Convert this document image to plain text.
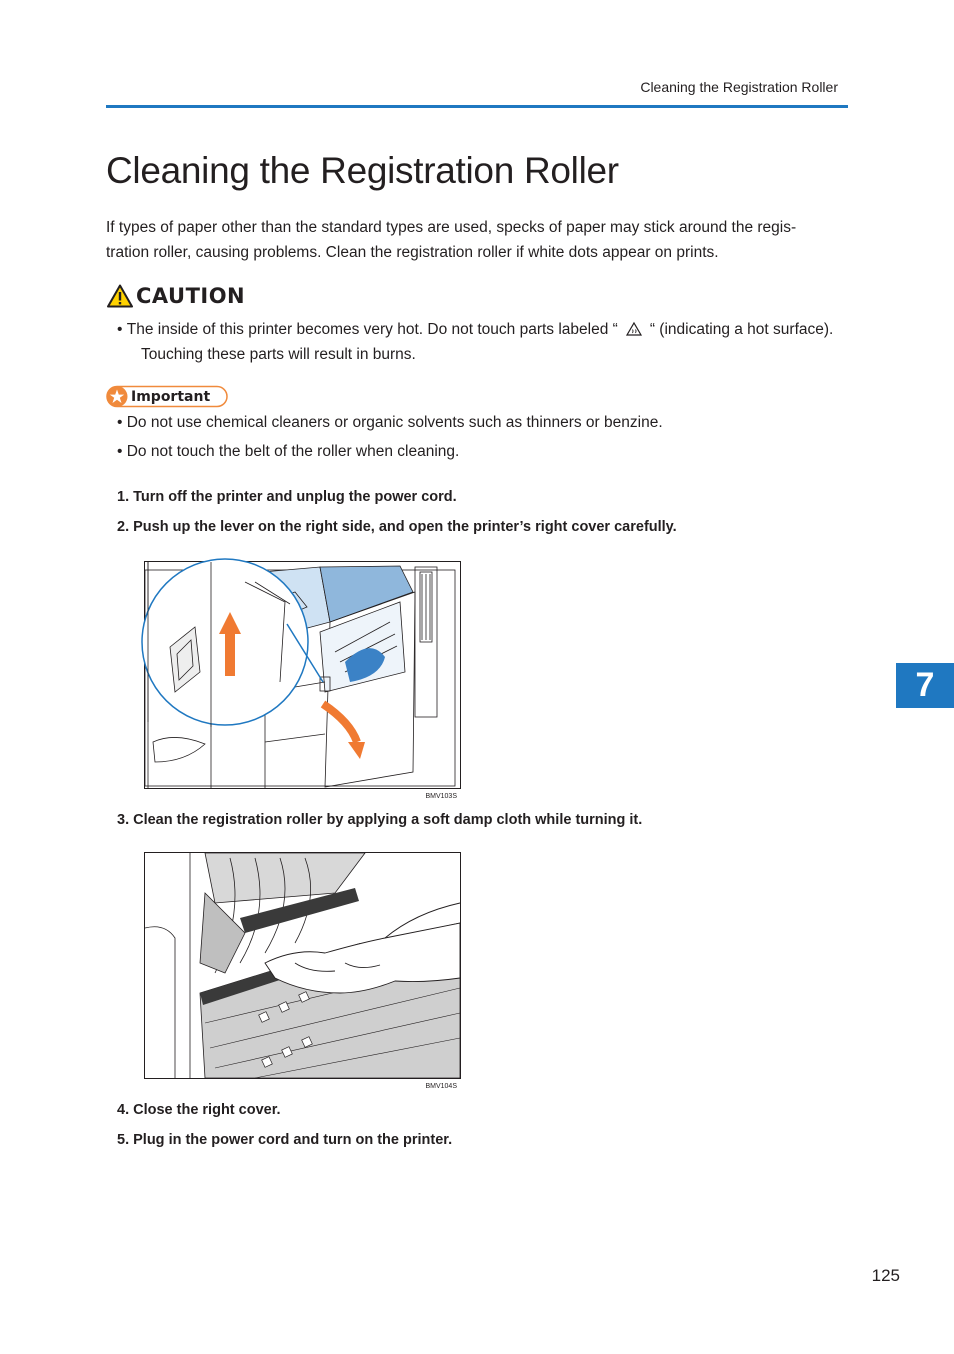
Cleaning the Registration Roller
Cleaning the Registration Roller

If types of paper other than the standard types are used, specks of paper may stick around the regis-
tration roller, causing problems. Clean the registration roller if white dots appear on prints.

CAUTION

• The inside of this printer becomes very hot. Do not touch parts labeled “ “ (indicating a hot surface).
Touching these parts will result in burns.

Important
• Do not use chemical cleaners or organic solvents such as thinners or benzine.
• Do not touch the belt of the roller when cleaning.
1. Turn off the printer and unplug the power cord.
2. Push up the lever on the right side, and open the printer’s right cover carefully.
BMV103S
3. Clean the registration roller by applying a soft damp cloth while turning it.
BMV104S
4. Close the right cover.
5. Plug in the power cord and turn on the printer.
7
125
